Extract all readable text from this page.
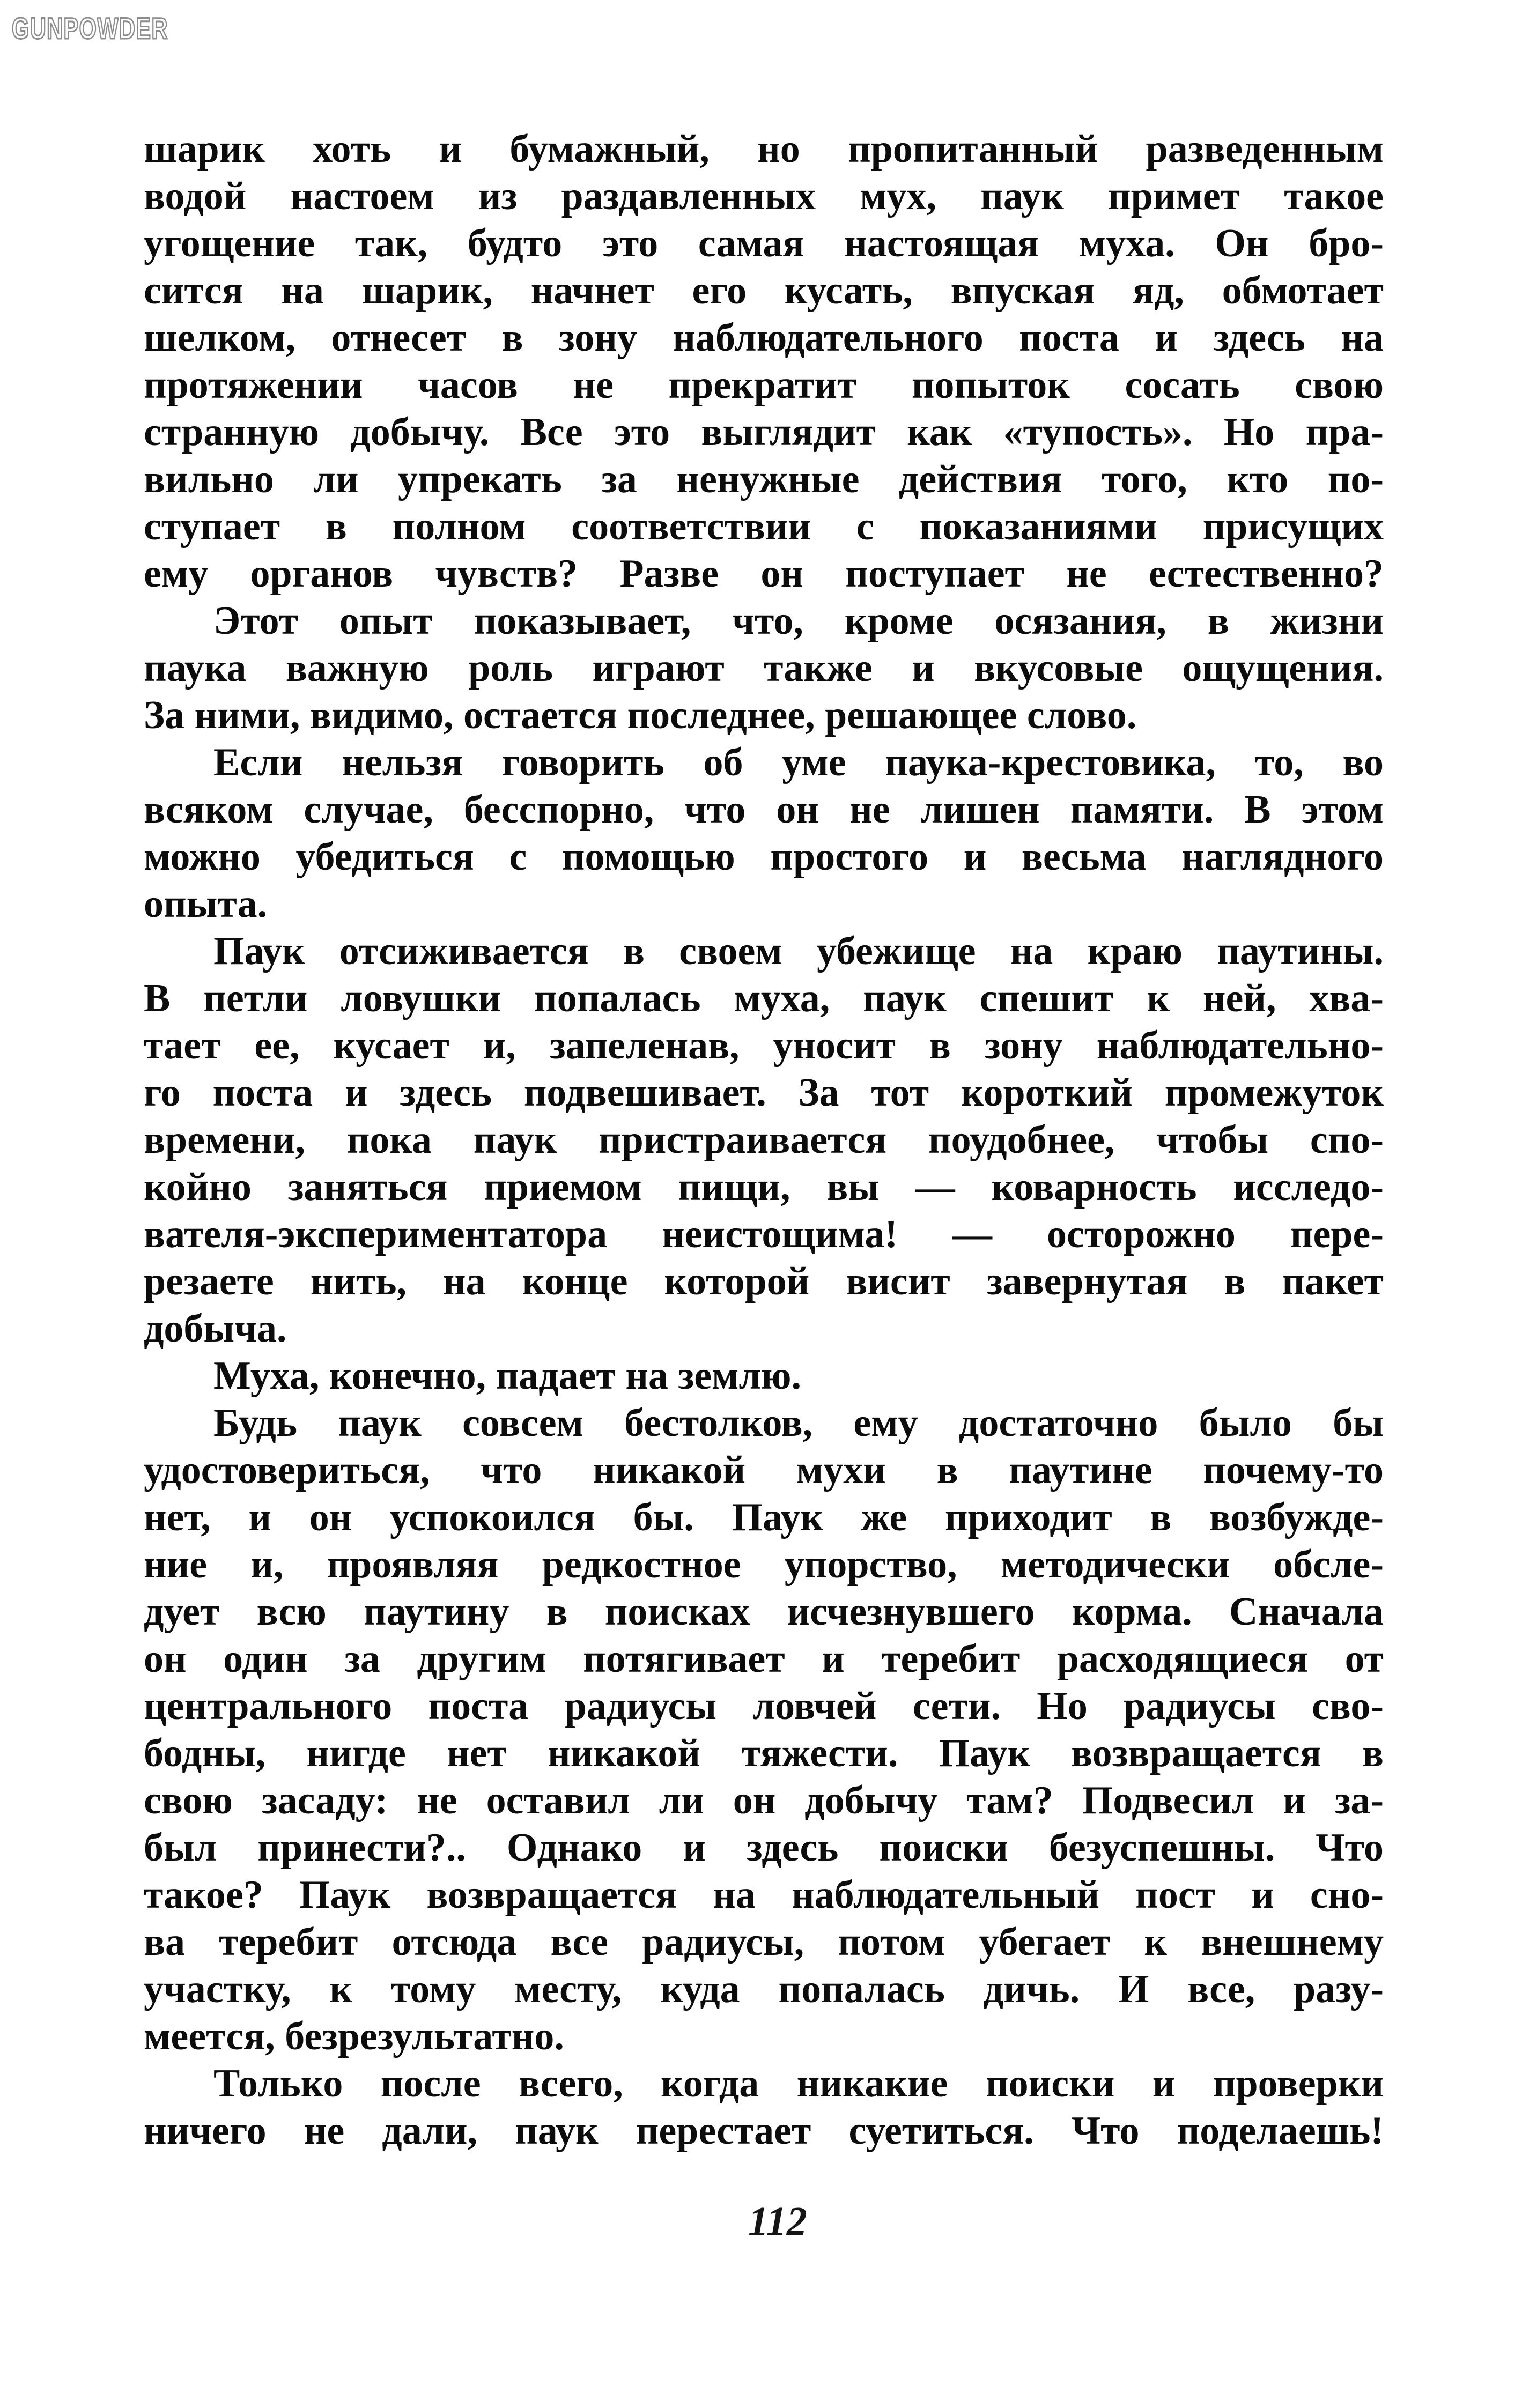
GUNPOWDER
шарик хоть и бумажный, но пропитанный разведенным
водой настоем из раздавленных мух, паук примет такое
угощение так, будто это самая настоящая муха. Он бро-
сится на шарик, начнет его кусать, впуская яд, обмотает
шелком, отнесет в зону наблюдательного поста и здесь на
протяжении часов не прекратит попыток сосать свою
странную добычу. Все это выглядит как «тупость». Но пра-
вильно ли упрекать за ненужные действия того, кто по-
ступает в полном соответствии с показаниями присущих
ему органов чувств? Разве он поступает не естественно?
Этот опыт показывает, что, кроме осязания, в жизни
паука важную роль играют также и вкусовые ощущения.
За ними, видимо, остается последнее, решающее слово.
Если нельзя говорить об уме паука-крестовика, то, во
всяком случае, бесспорно, что он не лишен памяти. В этом
можно убедиться с помощью простого и весьма наглядного
опыта.
Паук отсиживается в своем убежище на краю паутины.
В петли ловушки попалась муха, паук спешит к ней, хва-
тает ее, кусает и, запеленав, уносит в зону наблюдательно-
го поста и здесь подвешивает. За тот короткий промежуток
времени, пока паук пристраивается поудобнее, чтобы спо-
койно заняться приемом пищи, вы — коварность исследо-
вателя-экспериментатора неистощима! — осторожно пере-
резаете нить, на конце которой висит завернутая в пакет
добыча.
Муха, конечно, падает на землю.
Будь паук совсем бестолков, ему достаточно было бы
удостовериться, что никакой мухи в паутине почему-то
нет, и он успокоился бы. Паук же приходит в возбужде-
ние и, проявляя редкостное упорство, методически обсле-
дует всю паутину в поисках исчезнувшего корма. Сначала
он один за другим потягивает и теребит расходящиеся от
центрального поста радиусы ловчей сети. Но радиусы сво-
бодны, нигде нет никакой тяжести. Паук возвращается в
свою засаду: не оставил ли он добычу там? Подвесил и за-
был принести?.. Однако и здесь поиски безуспешны. Что
такое? Паук возвращается на наблюдательный пост и сно-
ва теребит отсюда все радиусы, потом убегает к внешнему
участку, к тому месту, куда попалась дичь. И все, разу-
меется, безрезультатно.
Только после всего, когда никакие поиски и проверки
ничего не дали, паук перестает суетиться. Что поделаешь!
112
